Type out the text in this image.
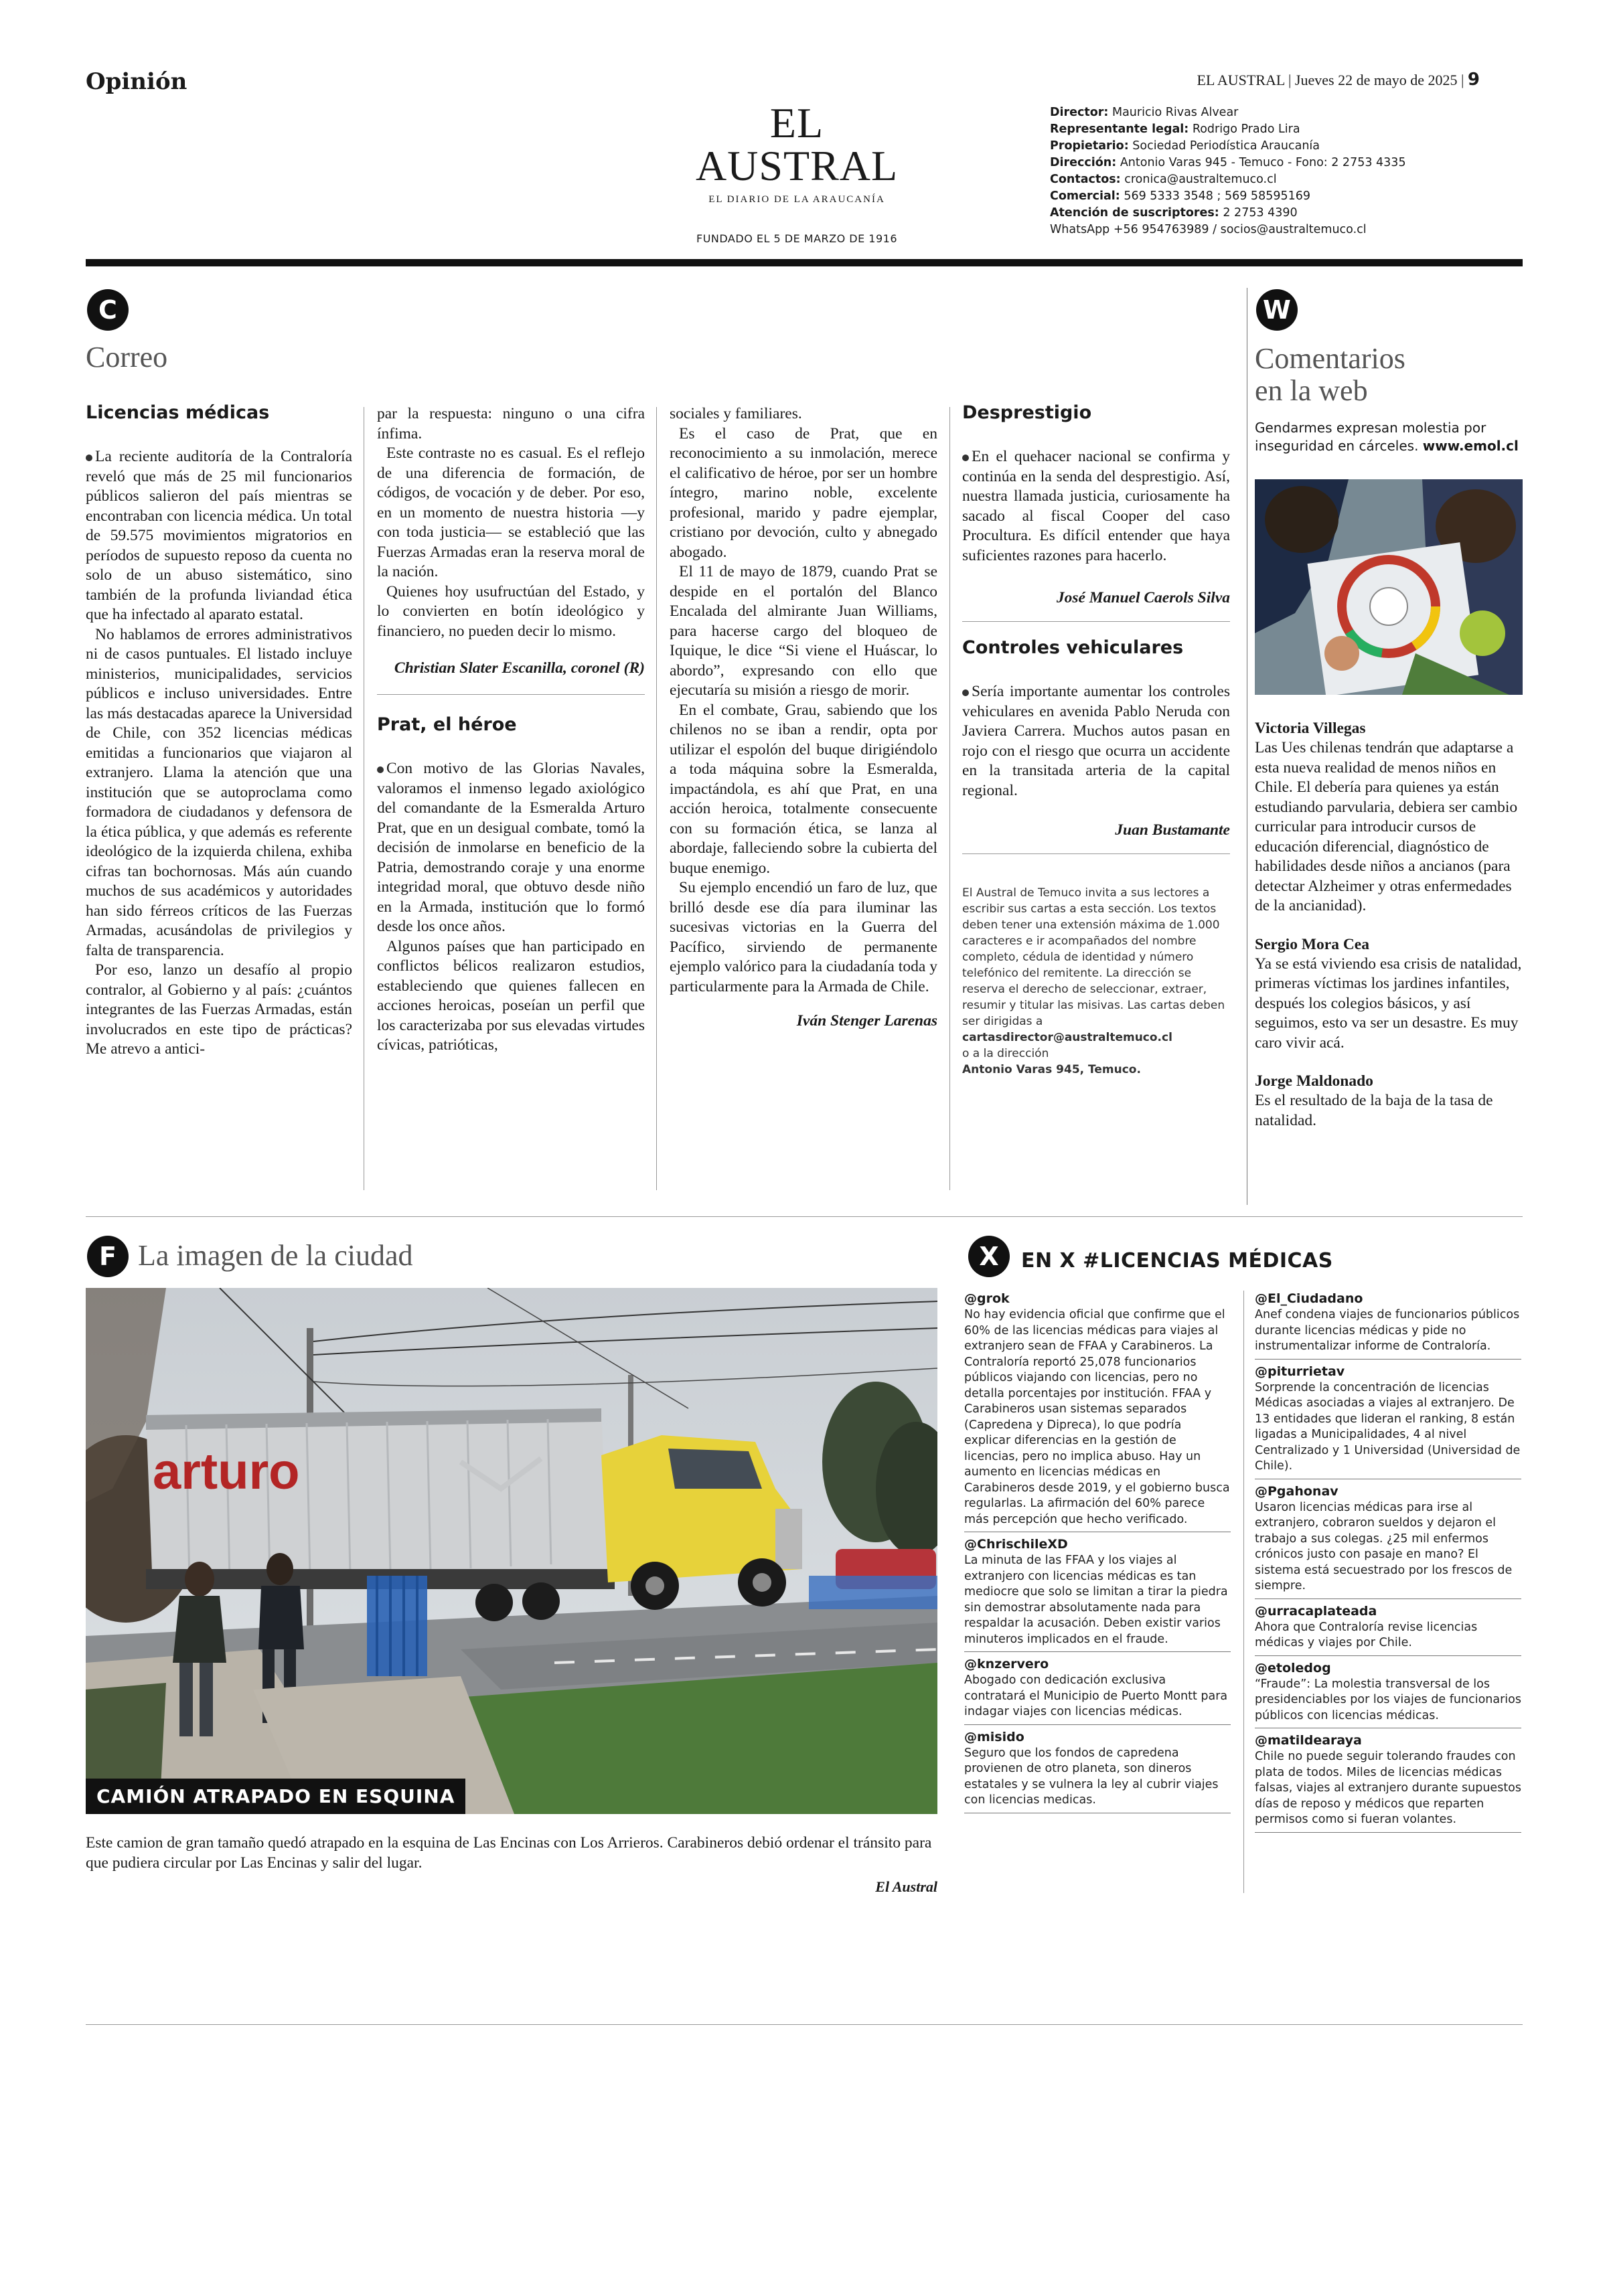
Opinión
EL AUSTRAL
EL DIARIO DE LA ARAUCANÍA
FUNDADO EL 5 DE MARZO DE 1916
EL AUSTRAL | Jueves 22 de mayo de 2025 | 9
Director: Mauricio Rivas Alvear
Representante legal: Rodrigo Prado Lira
Propietario: Sociedad Periodística Araucanía
Dirección: Antonio Varas 945 - Temuco - Fono: 2 2753 4335
Contactos: cronica@australtemuco.cl
Comercial: 569 5333 3548 ; 569 58595169
Atención de suscriptores: 2 2753 4390
WhatsApp +56 954763989 / socios@australtemuco.cl
C
Correo
Licencias médicas

La reciente auditoría de la Contraloría reveló que más de 25 mil funcionarios públicos salieron del país mientras se encontraban con licencia médica. Un total de 59.575 movimientos migratorios en períodos de supuesto reposo da cuenta no solo de un abuso sistemático, sino también de la profunda liviandad ética que ha infectado al aparato estatal.

No hablamos de errores administrativos ni de casos puntuales. El listado incluye ministerios, municipalidades, servicios públicos e incluso universidades. Entre las más destacadas aparece la Universidad de Chile, con 352 licencias médicas emitidas a funcionarios que viajaron al extranjero. Llama la atención que una institución que se autoproclama como formadora de ciudadanos y defensora de la ética pública, y que además es referente ideológico de la izquierda chilena, exhiba cifras tan bochornosas. Más aún cuando muchos de sus académicos y autoridades han sido férreos críticos de las Fuerzas Armadas, acusándolas de privilegios y falta de transparencia.

Por eso, lanzo un desafío al propio contralor, al Gobierno y al país: ¿cuántos integrantes de las Fuerzas Armadas, están involucrados en este tipo de prácticas? Me atrevo a antici-

par la respuesta: ninguno o una cifra ínfima.

Este contraste no es casual. Es el reflejo de una diferencia de formación, de códigos, de vocación y de deber. Por eso, en un momento de nuestra historia —y con toda justicia— se estableció que las Fuerzas Armadas eran la reserva moral de la nación.

Quienes hoy usufructúan del Estado, y lo convierten en botín ideológico y financiero, no pueden decir lo mismo.

Christian Slater Escanilla, coronel (R)
Prat, el héroe

Con motivo de las Glorias Navales, valoramos el inmenso legado axiológico del comandante de la Esmeralda Arturo Prat, que en un desigual combate, tomó la decisión de inmolarse en beneficio de la Patria, demostrando coraje y una enorme integridad moral, que obtuvo desde niño en la Armada, institución que lo formó desde los once años.

Algunos países que han participado en conflictos bélicos realizaron estudios, estableciendo que quienes fallecen en acciones heroicas, poseían un perfil que los caracterizaba por sus elevadas virtudes cívicas, patrióticas,

sociales y familiares.

Es el caso de Prat, que en reconocimiento a su inmolación, merece el calificativo de héroe, por ser un hombre íntegro, marino noble, excelente profesional, marido y padre ejemplar, cristiano por devoción, culto y abnegado abogado.

El 11 de mayo de 1879, cuando Prat se despide en el portalón del Blanco Encalada del almirante Juan Williams, para hacerse cargo del bloqueo de Iquique, le dice “Si viene el Huáscar, lo abordo”, expresando con ello que ejecutaría su misión a riesgo de morir.

En el combate, Grau, sabiendo que los chilenos no se iban a rendir, opta por utilizar el espolón del buque dirigiéndolo a toda máquina sobre la Esmeralda, impactándola, es ahí que Prat, en una acción heroica, totalmente consecuente con su formación ética, se lanza al abordaje, falleciendo sobre la cubierta del buque enemigo.

Su ejemplo encendió un faro de luz, que brilló desde ese día para iluminar las sucesivas victorias en la Guerra del Pacífico, sirviendo de permanente ejemplo valórico para la ciudadanía toda y particularmente para la Armada de Chile.

Iván Stenger Larenas
Desprestigio

En el quehacer nacional se confirma y continúa en la senda del desprestigio. Así, nuestra llamada justicia, curiosamente ha sacado al fiscal Cooper del caso Procultura. Es difícil entender que haya suficientes razones para hacerlo.

José Manuel Caerols Silva
Controles vehiculares

Sería importante aumentar los controles vehiculares en avenida Pablo Neruda con Javiera Carrera. Muchos autos pasan en rojo con el riesgo que ocurra un accidente en la transitada arteria de la capital regional.

Juan Bustamante
El Austral de Temuco invita a sus lectores a escribir sus cartas a esta sección. Los textos deben tener una extensión máxima de 1.000 caracteres e ir acompañados del nombre completo, cédula de identidad y número telefónico del remitente. La dirección se reserva el derecho de seleccionar, extraer, resumir y titular las misivas. Las cartas deben ser dirigidas a
cartasdirector@australtemuco.cl
o a la dirección
Antonio Varas 945, Temuco.
W
Comentarios
en la web
Gendarmes expresan molestia por inseguridad en cárceles. www.emol.cl
Victoria Villegas
Las Ues chilenas tendrán que adaptarse a esta nueva realidad de menos niños en Chile. El debería para quienes ya están estudiando parvularia, debiera ser cambio curricular para introducir cursos de educación diferencial, diagnóstico de habilidades desde niños a ancianos (para detectar Alzheimer y otras enfermedades de la ancianidad).
Sergio Mora Cea
Ya se está viviendo esa crisis de natalidad, primeras víctimas los jardines infantiles, después los colegios básicos, y así seguimos, esto va ser un desastre. Es muy caro vivir acá.
Jorge Maldonado
Es el resultado de la baja de la tasa de natalidad.
F La imagen de la ciudad
arturo
CAMIÓN ATRAPADO EN ESQUINA
Este camion de gran tamaño quedó atrapado en la esquina de Las Encinas con Los Arrieros. Carabineros debió ordenar el tránsito para que pudiera circular por Las Encinas y salir del lugar.
El Austral
X	EN X #LICENCIAS MÉDICAS
@grok
No hay evidencia oficial que confirme que el 60% de las licencias médicas para viajes al extranjero sean de FFAA y Carabineros. La Contraloría reportó 25,078 funcionarios públicos viajando con licencias, pero no detalla porcentajes por institución. FFAA y Carabineros usan sistemas separados (Capredena y Dipreca), lo que podría explicar diferencias en la gestión de licencias, pero no implica abuso. Hay un aumento en licencias médicas en Carabineros desde 2019, y el gobierno busca regularlas. La afirmación del 60% parece más percepción que hecho verificado.
@ChrischileXD
La minuta de las FFAA y los viajes al extranjero con licencias médicas es tan mediocre que solo se limitan a tirar la piedra sin demostrar absolutamente nada para respaldar la acusación. Deben existir varios minuteros implicados en el fraude.
@knzervero
Abogado con dedicación exclusiva contratará el Municipio de Puerto Montt para indagar viajes con licencias médicas.
@misido
Seguro que los fondos de capredena provienen de otro planeta, son dineros estatales y se vulnera la ley al cubrir viajes con licencias medicas.
@El_Ciudadano
Anef condena viajes de funcionarios públicos durante licencias médicas y pide no instrumentalizar informe de Contraloría.
@piturrietav
Sorprende la concentración de licencias Médicas asociadas a viajes al extranjero. De 13 entidades que lideran el ranking, 8 están ligadas a Municipalidades, 4 al nivel Centralizado y 1 Universidad (Universidad de Chile).
@Pgahonav
Usaron licencias médicas para irse al extranjero, cobraron sueldos y dejaron el trabajo a sus colegas. ¿25 mil enfermos crónicos justo con pasaje en mano? El sistema está secuestrado por los frescos de siempre.
@urracaplateada
Ahora que Contraloría revise licencias médicas y viajes por Chile.
@etoledog
“Fraude”: La molestia transversal de los presidenciables por los viajes de funcionarios públicos con licencias médicas.
@matildearaya
Chile no puede seguir tolerando fraudes con plata de todos. Miles de licencias médicas falsas, viajes al extranjero durante supuestos días de reposo y médicos que reparten permisos como si fueran volantes.
